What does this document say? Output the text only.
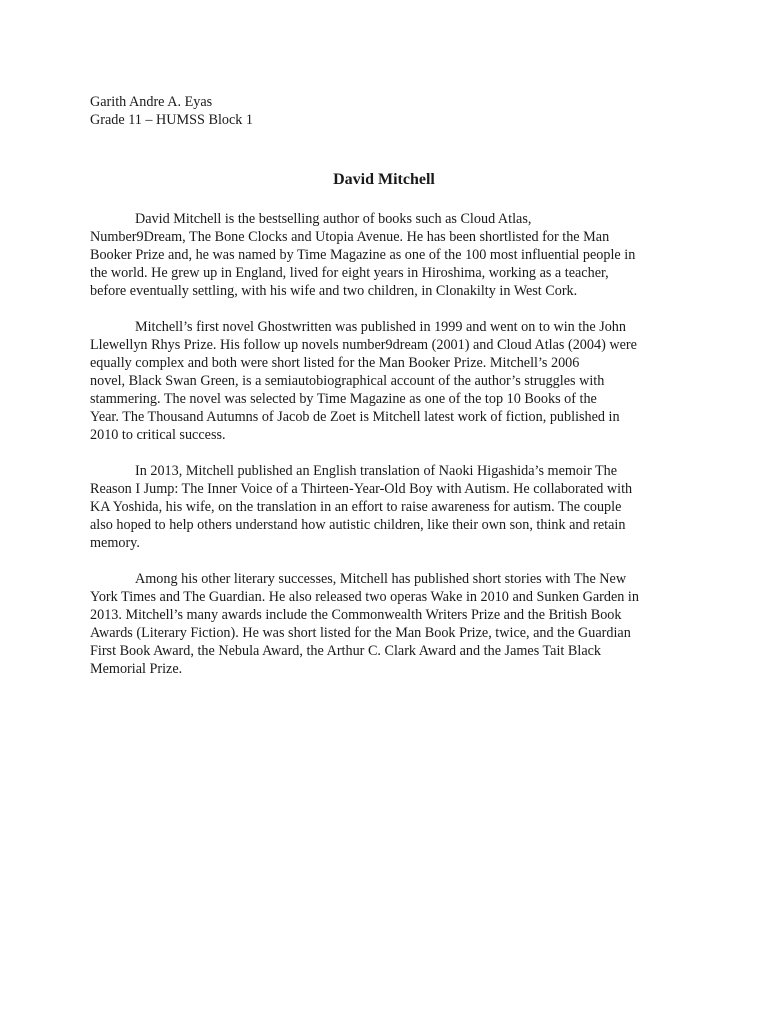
Garith Andre A. Eyas
Grade 11 – HUMSS Block 1
David Mitchell
David Mitchell is the bestselling author of books such as Cloud Atlas,
Number9Dream, The Bone Clocks and Utopia Avenue. He has been shortlisted for the Man
Booker Prize and, he was named by Time Magazine as one of the 100 most influential people in
the world. He grew up in England, lived for eight years in Hiroshima, working as a teacher,
before eventually settling, with his wife and two children, in Clonakilty in West Cork.
Mitchell’s first novel Ghostwritten was published in 1999 and went on to win the John
Llewellyn Rhys Prize. His follow up novels number9dream (2001) and Cloud Atlas (2004) were
equally complex and both were short listed for the Man Booker Prize. Mitchell’s 2006
novel, Black Swan Green, is a semiautobiographical account of the author’s struggles with
stammering. The novel was selected by Time Magazine as one of the top 10 Books of the
Year. The Thousand Autumns of Jacob de Zoet is Mitchell latest work of fiction, published in
2010 to critical success.
In 2013, Mitchell published an English translation of Naoki Higashida’s memoir The
Reason I Jump: The Inner Voice of a Thirteen-Year-Old Boy with Autism. He collaborated with
KA Yoshida, his wife, on the translation in an effort to raise awareness for autism. The couple
also hoped to help others understand how autistic children, like their own son, think and retain
memory.
Among his other literary successes, Mitchell has published short stories with The New
York Times and The Guardian. He also released two operas Wake in 2010 and Sunken Garden in
2013. Mitchell’s many awards include the Commonwealth Writers Prize and the British Book
Awards (Literary Fiction). He was short listed for the Man Book Prize, twice, and the Guardian
First Book Award, the Nebula Award, the Arthur C. Clark Award and the James Tait Black
Memorial Prize.
